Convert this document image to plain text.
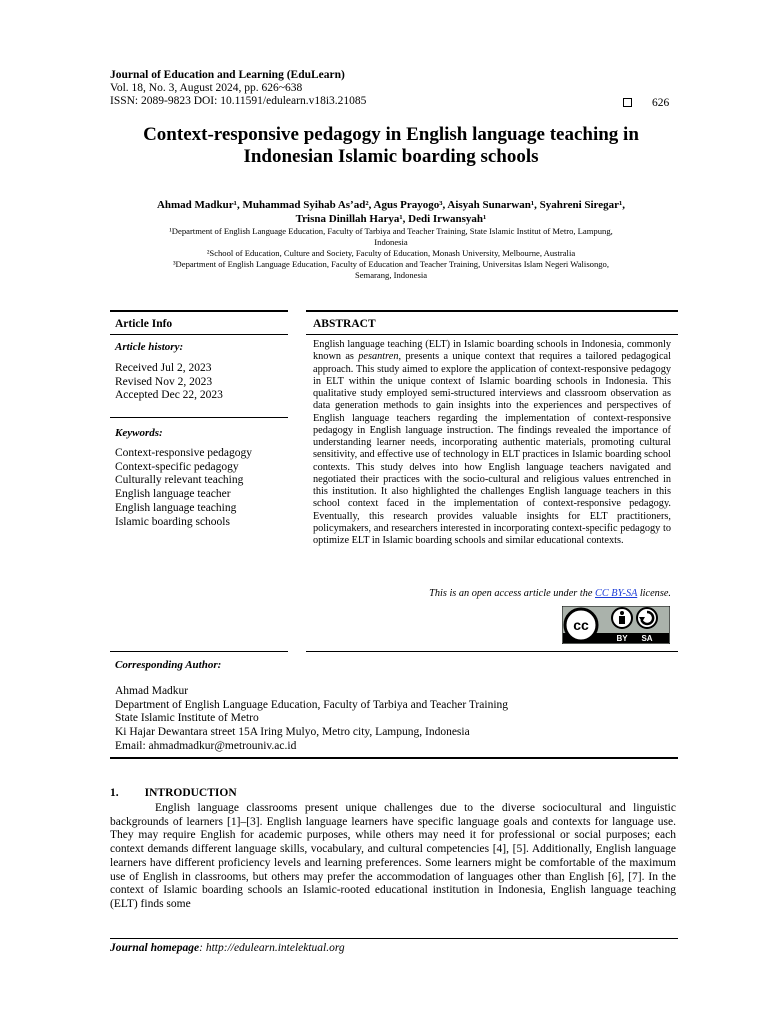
Journal of Education and Learning (EduLearn)
Vol. 18, No. 3, August 2024, pp. 626~638
ISSN: 2089-9823 DOI: 10.11591/edulearn.v18i3.21085	626
Context-responsive pedagogy in English language teaching in
Indonesian Islamic boarding schools
Ahmad Madkur¹, Muhammad Syihab As’ad², Agus Prayogo³, Aisyah Sunarwan¹, Syahreni Siregar¹,
Trisna Dinillah Harya¹, Dedi Irwansyah¹
¹Department of English Language Education, Faculty of Tarbiya and Teacher Training, State Islamic Institut of Metro, Lampung,
Indonesia
²School of Education, Culture and Society, Faculty of Education, Monash University, Melbourne, Australia
³Department of English Language Education, Faculty of Education and Teacher Training, Universitas Islam Negeri Walisongo,
Semarang, Indonesia
Article Info
Article history:
Received Jul 2, 2023
Revised Nov 2, 2023
Accepted Dec 22, 2023
Keywords:
Context-responsive pedagogy
Context-specific pedagogy
Culturally relevant teaching
English language teacher
English language teaching
Islamic boarding schools
ABSTRACT
English language teaching (ELT) in Islamic boarding schools in Indonesia, commonly known as pesantren, presents a unique context that requires a tailored pedagogical approach. This study aimed to explore the application of context-responsive pedagogy in ELT within the unique context of Islamic boarding schools in Indonesia. This qualitative study employed semi-structured interviews and classroom observation as data generation methods to gain insights into the experiences and perspectives of English language teachers regarding the implementation of context-responsive pedagogy in English language instruction. The findings revealed the importance of understanding learner needs, incorporating authentic materials, promoting cultural sensitivity, and effective use of technology in ELT practices in Islamic boarding school contexts. This study delves into how English language teachers navigated and negotiated their practices with the socio-cultural and religious values entrenched in this institution. It also highlighted the challenges English language teachers in this school context faced in the implementation of context-responsive pedagogy. Eventually, this research provides valuable insights for ELT practitioners, policymakers, and researchers interested in incorporating context-specific pedagogy to optimize ELT in Islamic boarding schools and similar educational contexts.
This is an open access article under the CC BY-SA license.
cc
BY SA
Corresponding Author:
Ahmad Madkur
Department of English Language Education, Faculty of Tarbiya and Teacher Training
State Islamic Institute of Metro
Ki Hajar Dewantara street 15A Iring Mulyo, Metro city, Lampung, Indonesia
Email: ahmadmadkur@metrouniv.ac.id
1. INTRODUCTION

English language classrooms present unique challenges due to the diverse sociocultural and linguistic backgrounds of learners [1]–[3]. English language learners have specific language goals and contexts for language use. They may require English for academic purposes, while others may need it for professional or social purposes; each context demands different language skills, vocabulary, and cultural competencies [4], [5]. Additionally, English language learners have different proficiency levels and learning preferences. Some learners might be comfortable of the maximum use of English in classrooms, but others may prefer the accommodation of languages other than English [6], [7]. In the context of Islamic boarding schools an Islamic-rooted educational institution in Indonesia, English language teaching (ELT) finds some

Journal homepage: http://edulearn.intelektual.org
